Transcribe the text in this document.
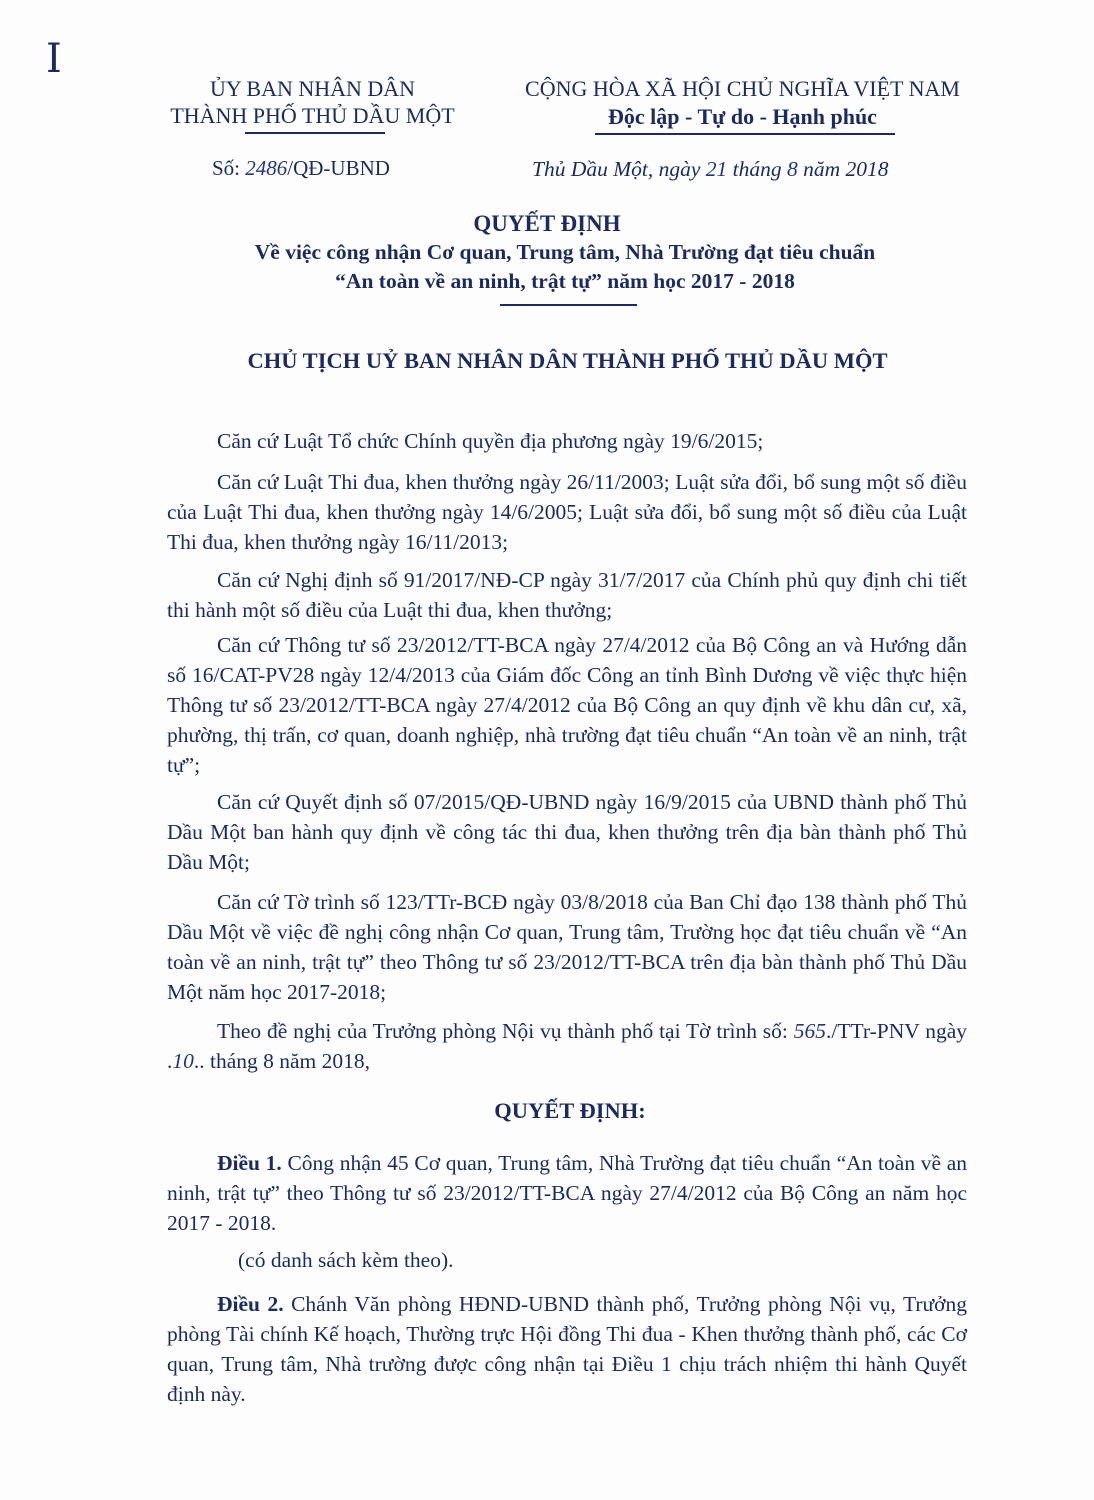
I
ỦY BAN NHÂN DÂN
THÀNH PHỐ THỦ DẦU MỘT
CỘNG HÒA XÃ HỘI CHỦ NGHĨA VIỆT NAM
Độc lập - Tự do - Hạnh phúc
Số: 2486/QĐ-UBND	Thủ Dầu Một, ngày 21 tháng 8 năm 2018
QUYẾT ĐỊNH
Về việc công nhận Cơ quan, Trung tâm, Nhà Trường đạt tiêu chuẩn
“An toàn về an ninh, trật tự” năm học 2017 - 2018
CHỦ TỊCH UỶ BAN NHÂN DÂN THÀNH PHỐ THỦ DẦU MỘT
Căn cứ Luật Tổ chức Chính quyền địa phương ngày 19/6/2015;
Căn cứ Luật Thi đua, khen thưởng ngày 26/11/2003; Luật sửa đổi, bổ sung một số điều của Luật Thi đua, khen thưởng ngày 14/6/2005; Luật sửa đổi, bổ sung một số điều của Luật Thi đua, khen thưởng ngày 16/11/2013;
Căn cứ Nghị định số 91/2017/NĐ-CP ngày 31/7/2017 của Chính phủ quy định chi tiết thi hành một số điều của Luật thi đua, khen thưởng;
Căn cứ Thông tư số 23/2012/TT-BCA ngày 27/4/2012 của Bộ Công an và Hướng dẫn số 16/CAT-PV28 ngày 12/4/2013 của Giám đốc Công an tỉnh Bình Dương về việc thực hiện Thông tư số 23/2012/TT-BCA ngày 27/4/2012 của Bộ Công an quy định về khu dân cư, xã, phường, thị trấn, cơ quan, doanh nghiệp, nhà trường đạt tiêu chuẩn “An toàn về an ninh, trật tự”;
Căn cứ Quyết định số 07/2015/QĐ-UBND ngày 16/9/2015 của UBND thành phố Thủ Dầu Một ban hành quy định về công tác thi đua, khen thưởng trên địa bàn thành phố Thủ Dầu Một;
Căn cứ Tờ trình số 123/TTr-BCĐ ngày 03/8/2018 của Ban Chỉ đạo 138 thành phố Thủ Dầu Một về việc đề nghị công nhận Cơ quan, Trung tâm, Trường học đạt tiêu chuẩn về “An toàn về an ninh, trật tự” theo Thông tư số 23/2012/TT-BCA trên địa bàn thành phố Thủ Dầu Một năm học 2017-2018;
Theo đề nghị của Trưởng phòng Nội vụ thành phố tại Tờ trình số: 565./TTr-PNV ngày .10.. tháng 8 năm 2018,
QUYẾT ĐỊNH:
Điều 1. Công nhận 45 Cơ quan, Trung tâm, Nhà Trường đạt tiêu chuẩn “An toàn về an ninh, trật tự” theo Thông tư số 23/2012/TT-BCA ngày 27/4/2012 của Bộ Công an năm học 2017 - 2018.
(có danh sách kèm theo).
Điều 2. Chánh Văn phòng HĐND-UBND thành phố, Trưởng phòng Nội vụ, Trưởng phòng Tài chính Kế hoạch, Thường trực Hội đồng Thi đua - Khen thưởng thành phố, các Cơ quan, Trung tâm, Nhà trường được công nhận tại Điều 1 chịu trách nhiệm thi hành Quyết định này.
